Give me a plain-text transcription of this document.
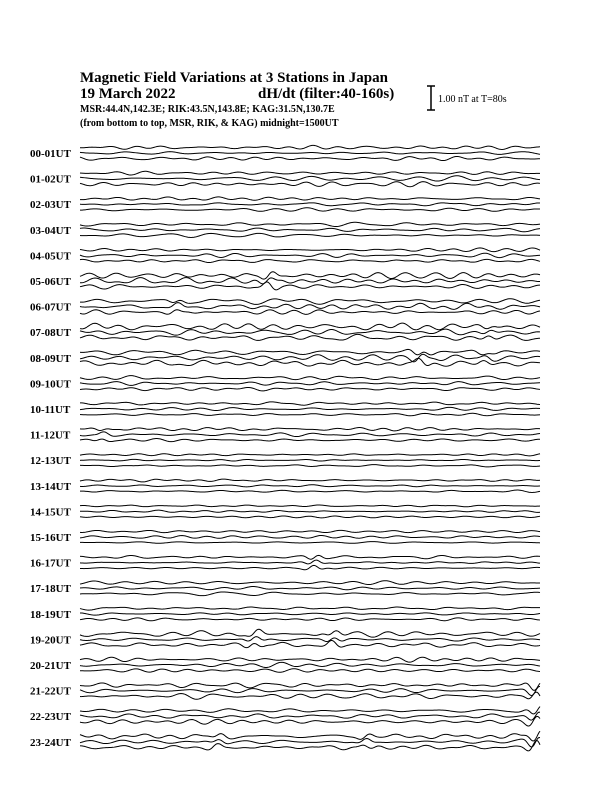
Magnetic Field Variations at 3 Stations in Japan
19 March 2022	dH/dt (filter:40-160s)
MSR:44.4N,142.3E; RIK:43.5N,143.8E; KAG:31.5N,130.7E
(from bottom to top, MSR, RIK, & KAG) midnight=1500UT
1.00 nT at T=80s
00-01UT
01-02UT
02-03UT
03-04UT
04-05UT
05-06UT
06-07UT
07-08UT
08-09UT
09-10UT
10-11UT
11-12UT
12-13UT
13-14UT
14-15UT
15-16UT
16-17UT
17-18UT
18-19UT
19-20UT
20-21UT
21-22UT
22-23UT
23-24UT
